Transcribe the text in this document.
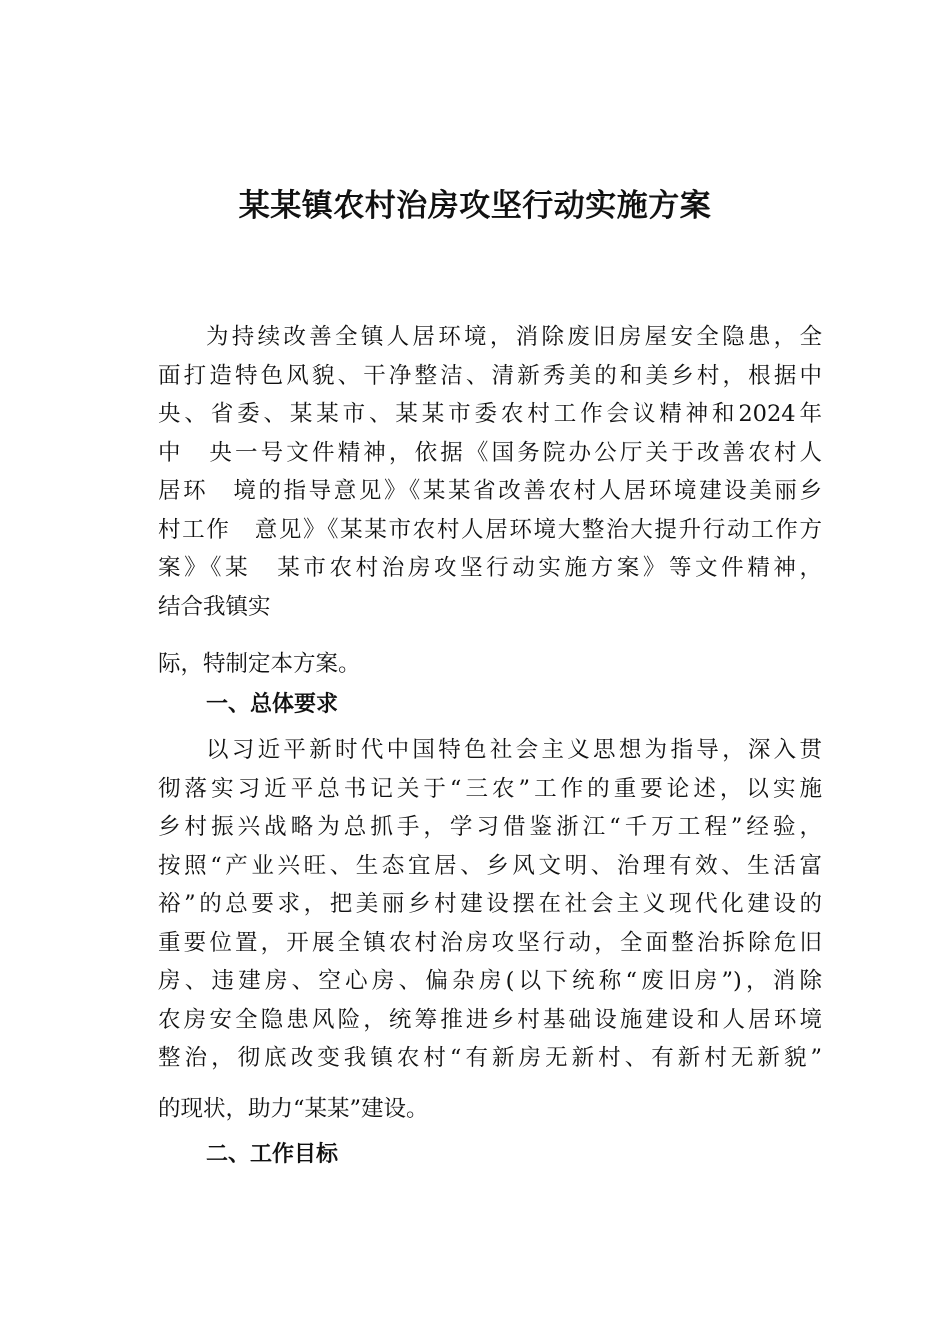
某某镇农村治房攻坚行动实施方案
为持续改善全镇人居环境，消除废旧房屋安全隐患，全
面打造特色风貌、干净整洁、清新秀美的和美乡村，根据中
央、省委、某某市、某某市委农村工作会议精神和2024年
中　央一号文件精神，依据《国务院办公厅关于改善农村人
居环　境的指导意见》《某某省改善农村人居环境建设美丽乡
村工作　意见》《某某市农村人居环境大整治大提升行动工作方
案》《某　某市农村治房攻坚行动实施方案》等文件精神，
结合我镇实
际，特制定本方案。
一、总体要求
以习近平新时代中国特色社会主义思想为指导，深入贯
彻落实习近平总书记关于“三农”工作的重要论述，以实施
乡村振兴战略为总抓手，学习借鉴浙江“千万工程”经验，
按照“产业兴旺、生态宜居、乡风文明、治理有效、生活富
裕”的总要求，把美丽乡村建设摆在社会主义现代化建设的
重要位置，开展全镇农村治房攻坚行动，全面整治拆除危旧
房、违建房、空心房、偏杂房(以下统称“废旧房”)，消除
农房安全隐患风险，统筹推进乡村基础设施建设和人居环境
整治，彻底改变我镇农村“有新房无新村、有新村无新貌”
的现状，助力“某某”建设。
二、工作目标
